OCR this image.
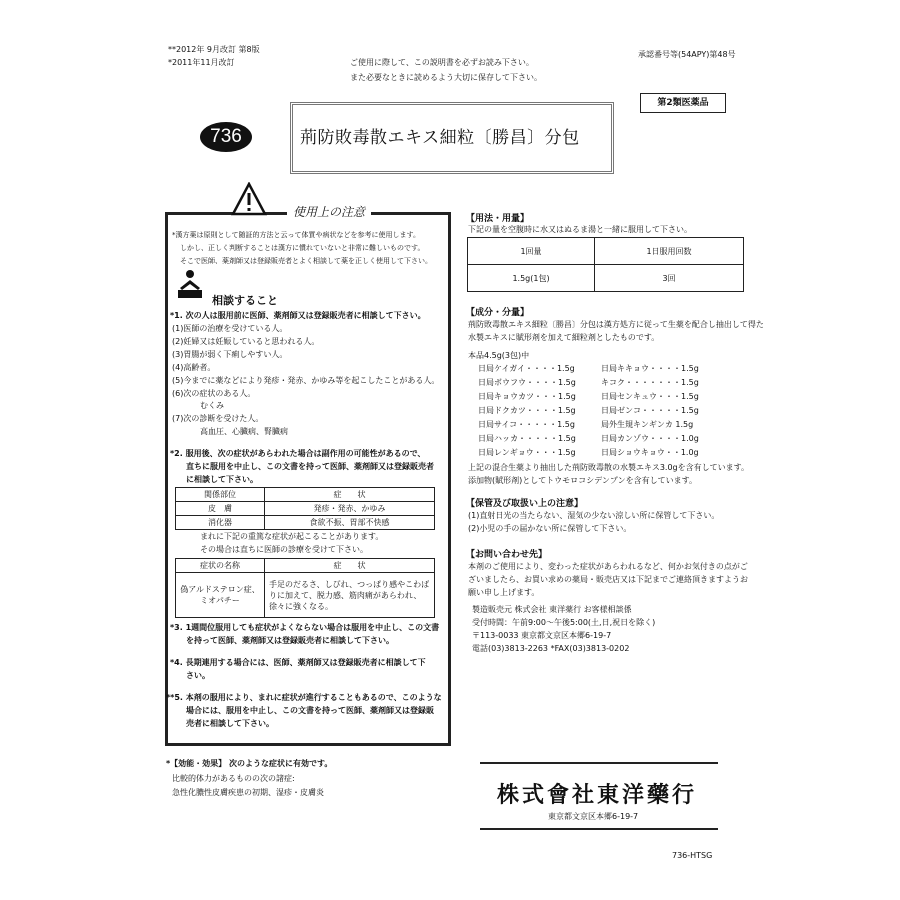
**2012年 9月改訂 第8版
*2011年11月改訂	ご使用に際して、この説明書を必ずお読み下さい。
また必要なときに読めるよう大切に保存して下さい。
承認番号等(54APY)第48号
第2類医薬品
736	荊防敗毒散エキス細粒〔勝昌〕分包
使用上の注意
*漢方薬は原則として随証的方法と云って体質や病状などを参考に使用します。
しかし、正しく判断することは漢方に慣れていないと非常に難しいものです。
そこで医師、薬剤師又は登録販売者とよく相談して薬を正しく使用して下さい。
相談すること
*1. 次の人は服用前に医師、薬剤師又は登録販売者に相談して下さい。
(1)医師の治療を受けている人。
(2)妊婦又は妊娠していると思われる人。
(3)胃腸が弱く下痢しやすい人。
(4)高齢者。
(5)今までに薬などにより発疹・発赤、かゆみ等を起こしたことがある人。
(6)次の症状のある人。
むくみ
(7)次の診断を受けた人。
高血圧、心臓病、腎臓病
*2. 服用後、次の症状があらわれた場合は副作用の可能性があるので、
直ちに服用を中止し、この文書を持って医師、薬剤師又は登録販売者
に相談して下さい。
関係部位	症　　状
皮　膚	発疹・発赤、かゆみ
消化器	食欲不振、胃部不快感
まれに下記の重篤な症状が起こることがあります。
その場合は直ちに医師の診療を受けて下さい。
症状の名称	症　　状
偽アルドステロン症、ミオパチー	手足のだるさ、しびれ、つっぱり感やこわばりに加えて、脱力感、筋肉痛があらわれ、徐々に強くなる。
*3. 1週間位服用しても症状がよくならない場合は服用を中止し、この文書
を持って医師、薬剤師又は登録販売者に相談して下さい。
*4. 長期連用する場合には、医師、薬剤師又は登録販売者に相談して下
さい。
**5. 本剤の服用により、まれに症状が進行することもあるので、このような
場合には、服用を中止し、この文書を持って医師、薬剤師又は登録販
売者に相談して下さい。
*【効能・効果】 次のような症状に有効です。
比較的体力があるものの次の諸症:
急性化膿性皮膚疾患の初期、湿疹・皮膚炎
【用法・用量】
下記の量を空腹時に水又はぬるま湯と一緒に服用して下さい。
1回量	1日服用回数
1.5g(1包)	3回
【成分・分量】
荊防敗毒散エキス細粒〔勝昌〕分包は漢方処方に従って生薬を配合し抽出して得た
水製エキスに賦形剤を加えて細粒剤としたものです。
本品4.5g(3包)中
日局ケイガイ・・・・1.5g
日局ボウフウ・・・・1.5g
日局キョウカツ・・・1.5g
日局ドクカツ・・・・1.5g
日局サイコ・・・・・1.5g
日局ハッカ・・・・・1.5g
日局レンギョウ・・・1.5g
日局キキョウ・・・・1.5g
キコク・・・・・・・1.5g
日局センキュウ・・・1.5g
日局ゼンコ・・・・・1.5g
局外生規キンギンカ 1.5g
日局カンゾウ・・・・1.0g
日局ショウキョウ・・1.0g
上記の混合生薬より抽出した荊防敗毒散の水製エキス3.0gを含有しています。
添加物(賦形剤)としてトウモロコシデンプンを含有しています。
【保管及び取扱い上の注意】
(1)直射日光の当たらない、湿気の少ない涼しい所に保管して下さい。
(2)小児の手の届かない所に保管して下さい。
【お問い合わせ先】
本剤のご使用により、変わった症状があらわれるなど、何かお気付きの点がご
ざいましたら、お買い求めの薬局・販売店又は下記までご連絡頂きますようお
願い申し上げます。
製造販売元 株式会社 東洋薬行 お客様相談係
受付時間：午前9:00～午後5:00(土,日,祝日を除く)
〒113-0033 東京都文京区本郷6-19-7
電話(03)3813-2263 *FAX(03)3813-0202
株式會社東洋藥行
東京都文京区本郷6-19-7
736-HTSG
